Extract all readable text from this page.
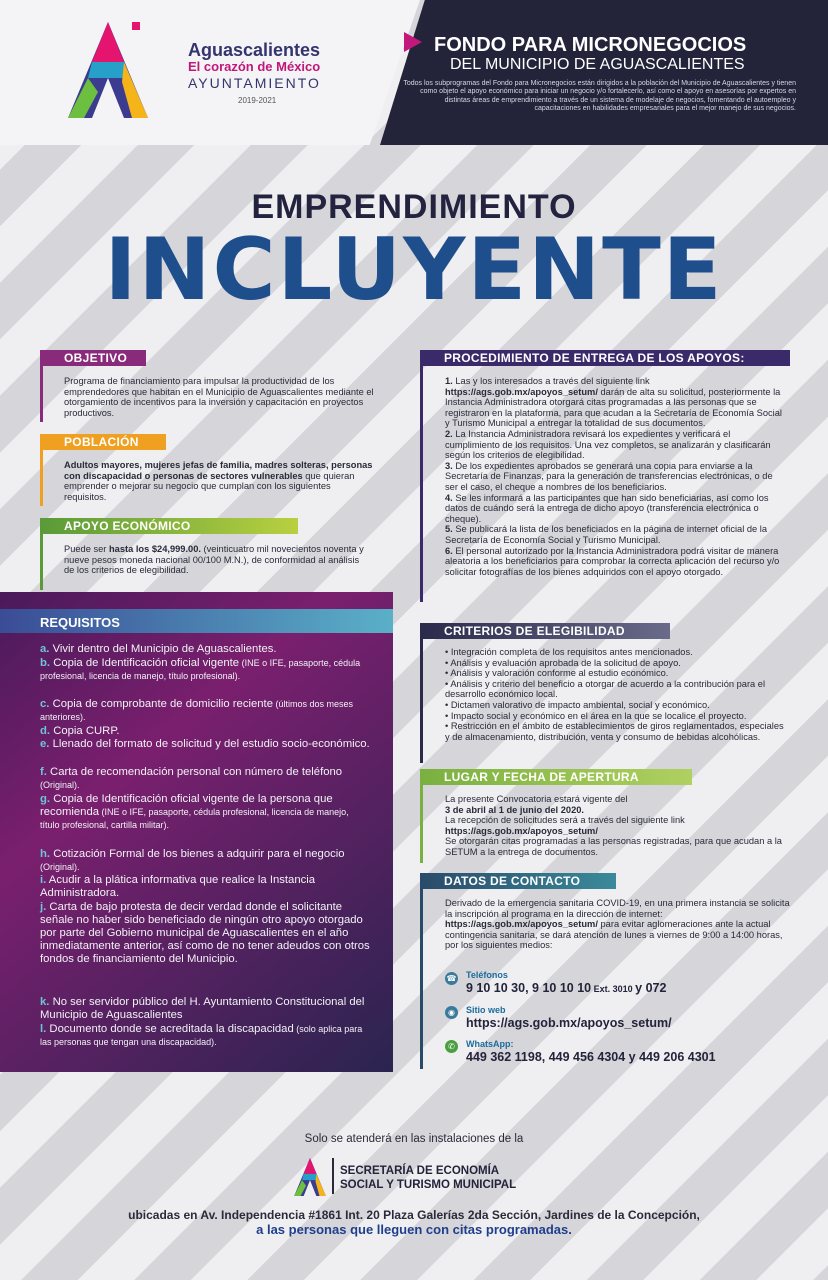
Aguascalientes
El corazón de México
AYUNTAMIENTO
2019-2021
FONDO PARA MICRONEGOCIOS
DEL MUNICIPIO DE AGUASCALIENTES
Todos los subprogramas del Fondo para Micronegocios están dirigidos a la población del Municipio de Aguascalientes y tienen como objeto el apoyo económico para iniciar un negocio y/o fortalecerlo, así como el apoyo en asesorías por expertos en distintas áreas de emprendimiento a través de un sistema de modelaje de negocios, fomentando el autoempleo y capacitaciones en habilidades empresariales para el mejor manejo de sus negocios.
EMPRENDIMIENTO
INCLUYENTE
OBJETIVO
Programa de financiamiento para impulsar la productividad de los emprendedores que habitan en el Municipio de Aguascalientes mediante el otorgamiento de incentivos para la inversión y capacitación en proyectos productivos.
POBLACIÓN
Adultos mayores, mujeres jefas de familia, madres solteras, personas con discapacidad o personas de sectores vulnerables que quieran emprender o mejorar su negocio que cumplan con los siguientes requisitos.
APOYO ECONÓMICO
Puede ser hasta los $24,999.00. (veinticuatro mil novecientos noventa y nueve pesos moneda nacional 00/100 M.N.), de conformidad al análisis de los criterios de elegibilidad.
REQUISITOS
a. Vivir dentro del Municipio de Aguascalientes.
b. Copia de Identificación oficial vigente (INE o IFE, pasaporte, cédula profesional, licencia de manejo, título profesional).
c. Copia de comprobante de domicilio reciente (últimos dos meses anteriores).
d. Copia CURP.
e. Llenado del formato de solicitud y del estudio socio-económico.
f. Carta de recomendación personal con número de teléfono (Original).
g. Copia de Identificación oficial vigente de la persona que recomienda (INE o IFE, pasaporte, cédula profesional, licencia de manejo, título profesional, cartilla militar).
h. Cotización Formal de los bienes a adquirir para el negocio (Original).
i. Acudir a la plática informativa que realice la Instancia Administradora.
j. Carta de bajo protesta de decir verdad donde el solicitante señale no haber sido beneficiado de ningún otro apoyo otorgado por parte del Gobierno municipal de Aguascalientes en el año inmediatamente anterior, así como de no tener adeudos con otros fondos de financiamiento del Municipio.
k. No ser servidor público del H. Ayuntamiento Constitucional del Municipio de Aguascalientes
l. Documento donde se acreditada la discapacidad (solo aplica para las personas que tengan una discapacidad).
PROCEDIMIENTO DE ENTREGA DE LOS APOYOS:
1. Las y los interesados a través del siguiente link https://ags.gob.mx/apoyos_setum/ darán de alta su solicitud, posteriormente la Instancia Administradora otorgará citas programadas a las personas que se registraron en la plataforma, para que acudan a la Secretaría de Economía Social y Turismo Municipal a entregar la totalidad de sus documentos.
2. La Instancia Administradora revisará los expedientes y verificará el cumplimiento de los requisitos. Una vez completos, se analizarán y clasificarán según los criterios de elegibilidad.
3. De los expedientes aprobados se generará una copia para enviarse a la Secretaría de Finanzas, para la generación de transferencias electrónicas, o de ser el caso, el cheque a nombres de los beneficiarios.
4. Se les informará a las participantes que han sido beneficiarias, así como los datos de cuándo será la entrega de dicho apoyo (transferencia electrónica o cheque).
5. Se publicará la lista de los beneficiados en la página de internet oficial de la Secretaría de Economía Social y Turismo Municipal.
6. El personal autorizado por la Instancia Administradora podrá visitar de manera aleatoria a los beneficiarios para comprobar la correcta aplicación del recurso y/o solicitar fotografías de los bienes adquiridos con el apoyo otorgado.
CRITERIOS DE ELEGIBILIDAD
• Integración completa de los requisitos antes mencionados.
• Análisis y evaluación aprobada de la solicitud de apoyo.
• Análisis y valoración conforme al estudio económico.
• Análisis y criterio del beneficio a otorgar de acuerdo a la contribución para el desarrollo económico local.
• Dictamen valorativo de impacto ambiental, social y económico.
• Impacto social y económico en el área en la que se localice el proyecto.
• Restricción en el ámbito de establecimientos de giros reglamentados, especiales y de almacenamiento, distribución, venta y consumo de bebidas alcohólicas.
LUGAR Y FECHA DE APERTURA
La presente Convocatoria estará vigente del
3 de abril al 1 de junio del 2020.
La recepción de solicitudes será a través del siguiente link
https://ags.gob.mx/apoyos_setum/
Se otorgarán citas programadas a las personas registradas, para que acudan a la SETUM a la entrega de documentos.
DATOS DE CONTACTO
Derivado de la emergencia sanitaria COVID-19, en una primera instancia se solicita la inscripción al programa en la dirección de internet: https://ags.gob.mx/apoyos_setum/ para evitar aglomeraciones ante la actual contingencia sanitaria, se dará atención de lunes a viernes de 9:00 a 14:00 horas, por los siguientes medios:
☎ Teléfonos
9 10 10 30, 9 10 10 10 Ext. 3010 y 072
◉	Sitio web
https://ags.gob.mx/apoyos_setum/
✆	WhatsApp:
449 362 1198, 449 456 4304 y 449 206 4301
Solo se atenderá en las instalaciones de la
SECRETARÍA DE ECONOMÍA
SOCIAL Y TURISMO MUNICIPAL
ubicadas en Av. Independencia #1861 Int. 20 Plaza Galerías 2da Sección, Jardines de la Concepción,
a las personas que lleguen con citas programadas.
